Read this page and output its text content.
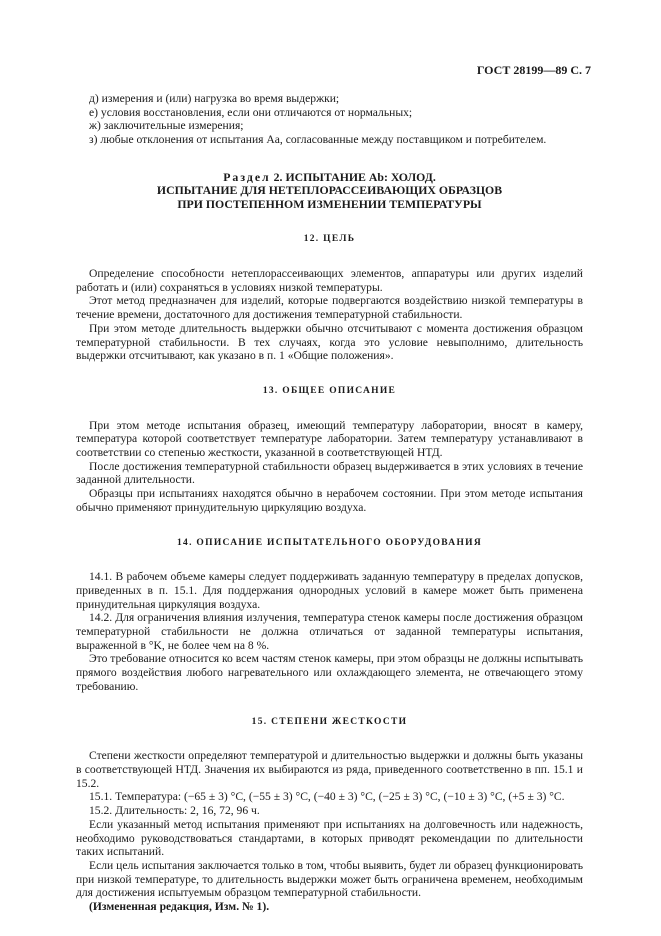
ГОСТ 28199—89 С. 7

д) измерения и (или) нагрузка во время выдержки;

е) условия восстановления, если они отличаются от нормальных;

ж) заключительные измерения;

з) любые отклонения от испытания Aa, согласованные между поставщиком и потребителем.

Раздел 2. ИСПЫТАНИЕ Ab: ХОЛОД.
ИСПЫТАНИЕ ДЛЯ НЕТЕПЛОРАССЕИВАЮЩИХ ОБРАЗЦОВ
ПРИ ПОСТЕПЕННОМ ИЗМЕНЕНИИ ТЕМПЕРАТУРЫ
12. ЦЕЛЬ

Определение способности нетеплорассеивающих элементов, аппаратуры или других изделий работать и (или) сохраняться в условиях низкой температуры.

Этот метод предназначен для изделий, которые подвергаются воздействию низкой температуры в течение времени, достаточного для достижения температурной стабильности.

При этом методе длительность выдержки обычно отсчитывают с момента достижения образцом температурной стабильности. В тех случаях, когда это условие невыполнимо, длительность выдержки отсчитывают, как указано в п. 1 «Общие положения».

13. ОБЩЕЕ ОПИСАНИЕ

При этом методе испытания образец, имеющий температуру лаборатории, вносят в камеру, температура которой соответствует температуре лаборатории. Затем температуру устанавливают в соответствии со степенью жесткости, указанной в соответствующей НТД.

После достижения температурной стабильности образец выдерживается в этих условиях в течение заданной длительности.

Образцы при испытаниях находятся обычно в нерабочем состоянии. При этом методе испытания обычно применяют принудительную циркуляцию воздуха.

14. ОПИСАНИЕ ИСПЫТАТЕЛЬНОГО ОБОРУДОВАНИЯ

14.1. В рабочем объеме камеры следует поддерживать заданную температуру в пределах допусков, приведенных в п. 15.1. Для поддержания однородных условий в камере может быть применена принудительная циркуляция воздуха.

14.2. Для ограничения влияния излучения, температура стенок камеры после достижения образцом температурной стабильности не должна отличаться от заданной температуры испытания, выраженной в °K, не более чем на 8 %.

Это требование относится ко всем частям стенок камеры, при этом образцы не должны испытывать прямого воздействия любого нагревательного или охлаждающего элемента, не отвечающего этому требованию.

15. СТЕПЕНИ ЖЕСТКОСТИ

Степени жесткости определяют температурой и длительностью выдержки и должны быть указаны в соответствующей НТД. Значения их выбираются из ряда, приведенного соответственно в пп. 15.1 и 15.2.

15.1. Температура: (−65 ± 3) °C, (−55 ± 3) °C, (−40 ± 3) °C, (−25 ± 3) °C, (−10 ± 3) °C, (+5 ± 3) °C.

15.2. Длительность: 2, 16, 72, 96 ч.

Если указанный метод испытания применяют при испытаниях на долговечность или надежность, необходимо руководствоваться стандартами, в которых приводят рекомендации по длительности таких испытаний.

Если цель испытания заключается только в том, чтобы выявить, будет ли образец функционировать при низкой температуре, то длительность выдержки может быть ограничена временем, необходимым для достижения испытуемым образцом температурной стабильности.

(Измененная редакция, Изм. № 1).
